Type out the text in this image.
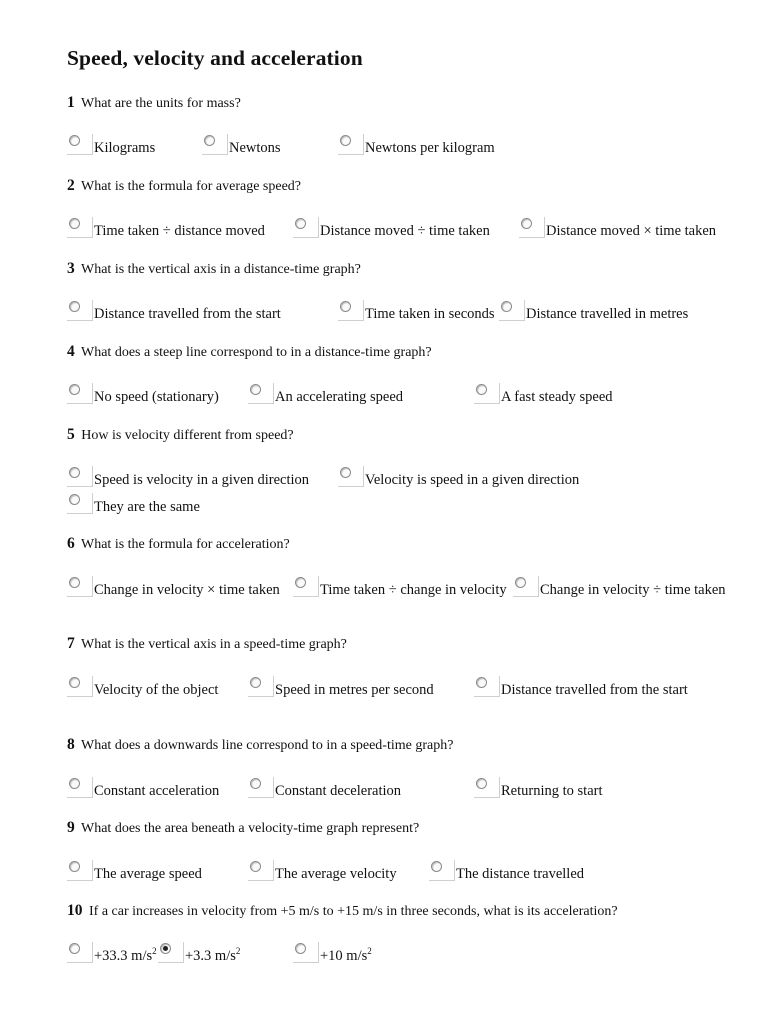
Speed, velocity and acceleration
1 What are the units for mass?
Kilograms	Newtons	Newtons per kilogram
2 What is the formula for average speed?
Time taken ÷ distance moved	Distance moved ÷ time taken	Distance moved × time taken
3 What is the vertical axis in a distance-time graph?
Distance travelled from the start	Time taken in seconds Distance travelled in metres
4 What does a steep line correspond to in a distance-time graph?
No speed (stationary)	An accelerating speed	A fast steady speed
5 How is velocity different from speed?
Speed is velocity in a given direction	Velocity is speed in a given direction
They are the same
6 What is the formula for acceleration?
Change in velocity × time taken	Time taken ÷ change in velocity Change in velocity ÷ time taken
7 What is the vertical axis in a speed-time graph?
Velocity of the object	Speed in metres per second	Distance travelled from the start
8 What does a downwards line correspond to in a speed-time graph?
Constant acceleration	Constant deceleration	Returning to start
9 What does the area beneath a velocity-time graph represent?
The average speed	The average velocity	The distance travelled
10 If a car increases in velocity from +5 m/s to +15 m/s in three seconds, what is its acceleration?
+33.3 $m/s^2 +3.3$ $m/s^2$	+10 $m/s^2$
